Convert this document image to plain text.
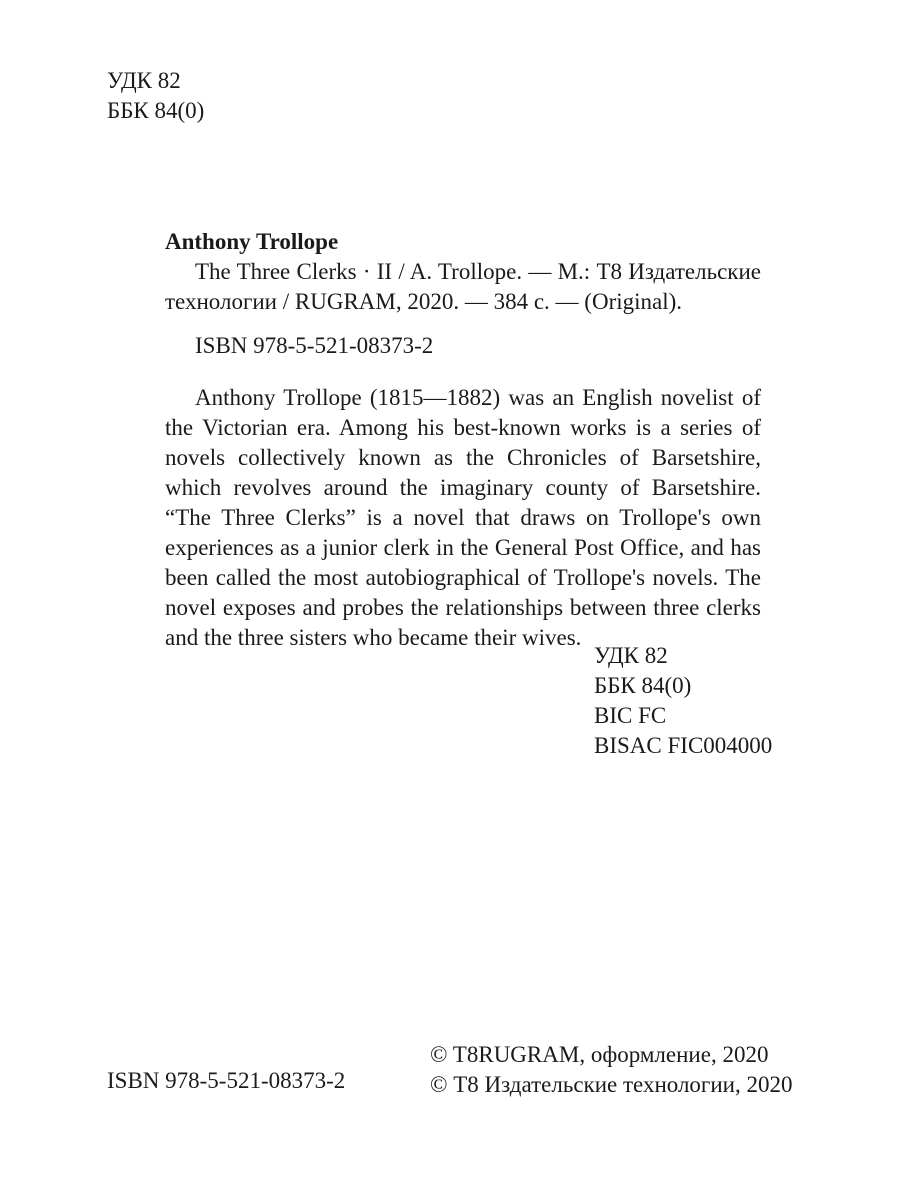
УДК 82
ББК 84(0)
Anthony Trollope
The Three Clerks · II / A. Trollope. — М.: Т8 Издательские технологии / RUGRAM, 2020. — 384 с. — (Original).
ISBN 978-5-521-08373-2
Anthony Trollope (1815—1882) was an English novelist of the Victorian era. Among his best-known works is a series of novels collectively known as the Chronicles of Barsetshire, which revolves around the imaginary county of Barsetshire. “The Three Clerks” is a novel that draws on Trollope's own experiences as a junior clerk in the General Post Office, and has been called the most autobiographical of Trollope's novels. The novel exposes and probes the relationships between three clerks and the three sisters who became their wives.
УДК 82
ББК 84(0)
BIC FC
BISAC FIC004000
ISBN 978-5-521-08373-2
© T8RUGRAM, оформление, 2020
© Т8 Издательские технологии, 2020
